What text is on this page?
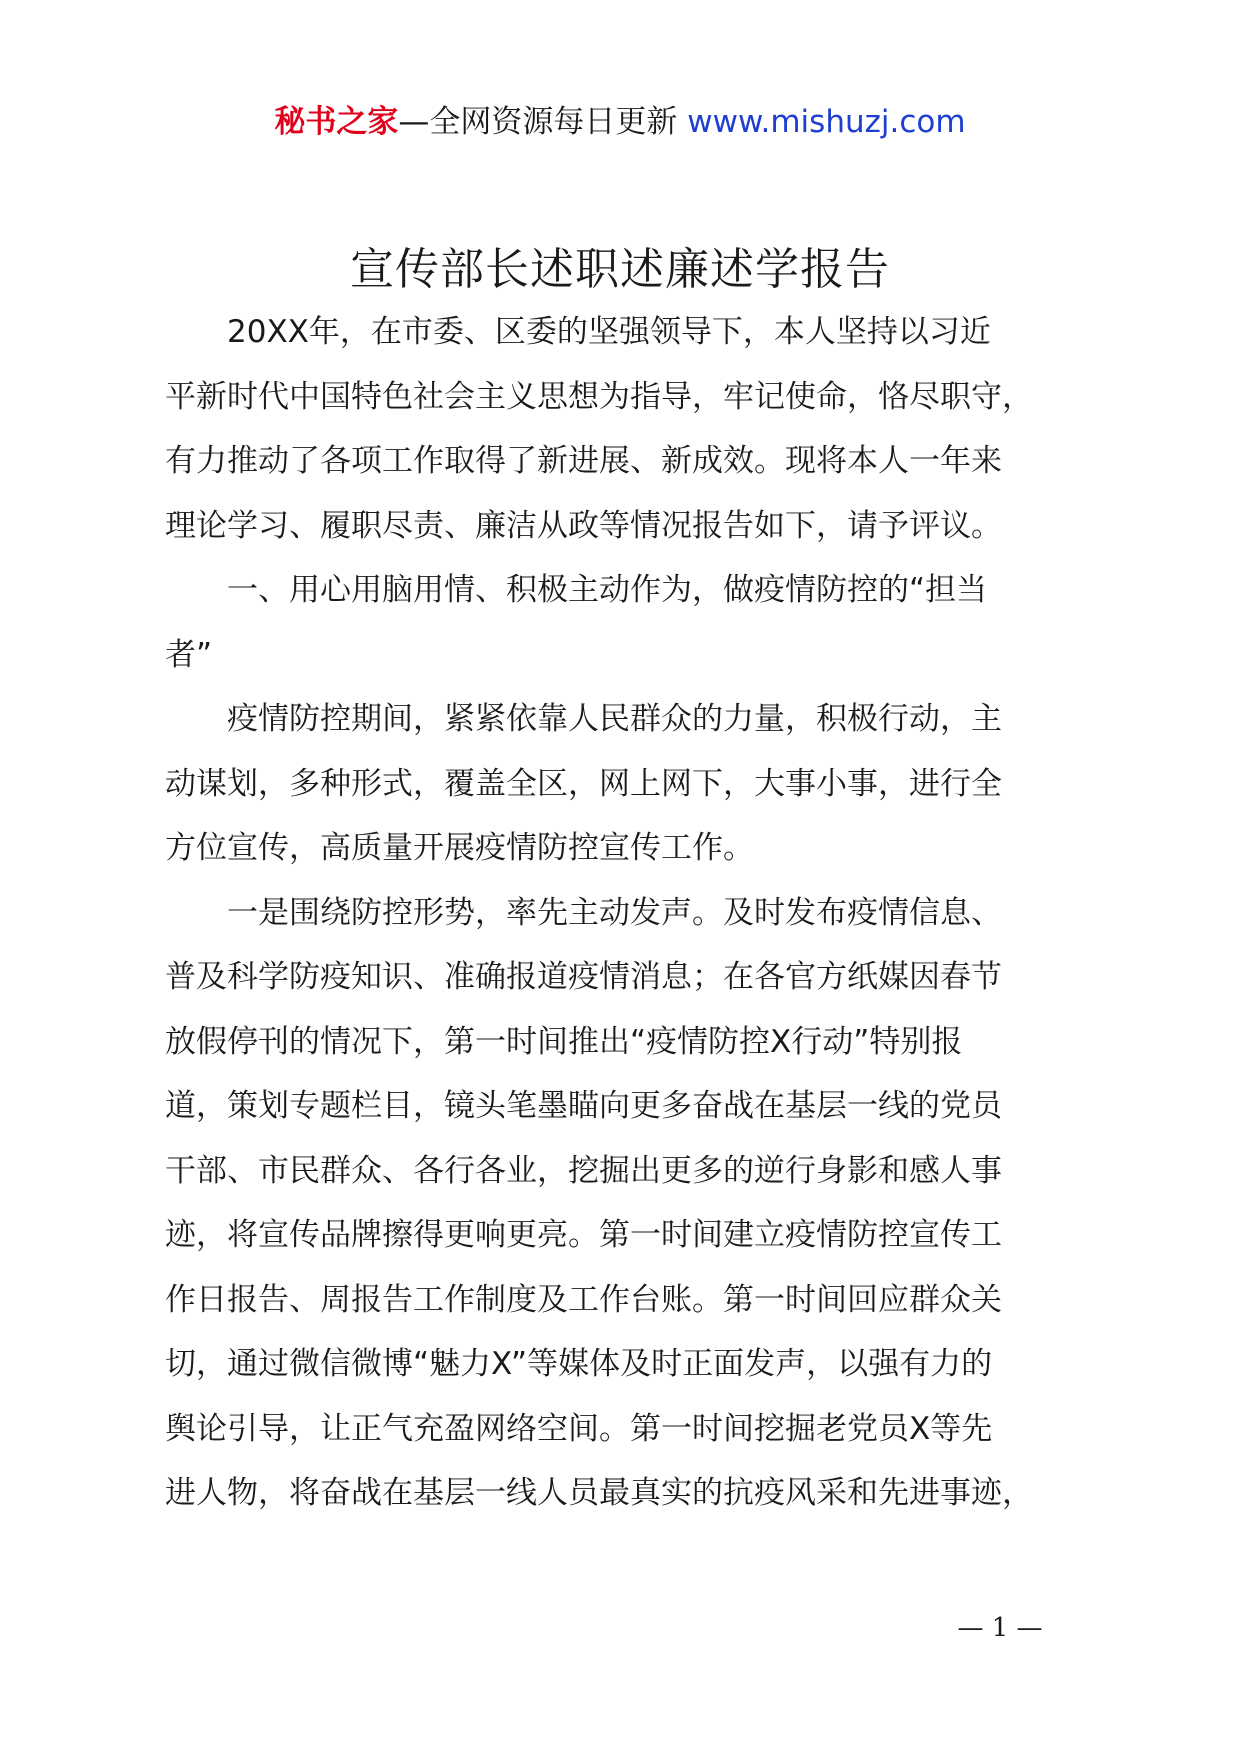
秘书之家—全网资源每日更新 www.mishuzj.com
宣传部长述职述廉述学报告

20XX年，在市委、区委的坚强领导下，本人坚持以习近
平新时代中国特色社会主义思想为指导，牢记使命，恪尽职守，
有力推动了各项工作取得了新进展、新成效。现将本人一年来
理论学习、履职尽责、廉洁从政等情况报告如下，请予评议。

一、用心用脑用情、积极主动作为，做疫情防控的“担当
者”

疫情防控期间，紧紧依靠人民群众的力量，积极行动，主
动谋划，多种形式，覆盖全区，网上网下，大事小事，进行全
方位宣传，高质量开展疫情防控宣传工作。

一是围绕防控形势，率先主动发声。及时发布疫情信息、
普及科学防疫知识、准确报道疫情消息；在各官方纸媒因春节
放假停刊的情况下，第一时间推出“疫情防控X行动”特别报
道，策划专题栏目，镜头笔墨瞄向更多奋战在基层一线的党员
干部、市民群众、各行各业，挖掘出更多的逆行身影和感人事
迹，将宣传品牌擦得更响更亮。第一时间建立疫情防控宣传工
作日报告、周报告工作制度及工作台账。第一时间回应群众关
切，通过微信微博“魅力X”等媒体及时正面发声，以强有力的
舆论引导，让正气充盈网络空间。第一时间挖掘老党员X等先
进人物，将奋战在基层一线人员最真实的抗疫风采和先进事迹，

— 1 —
